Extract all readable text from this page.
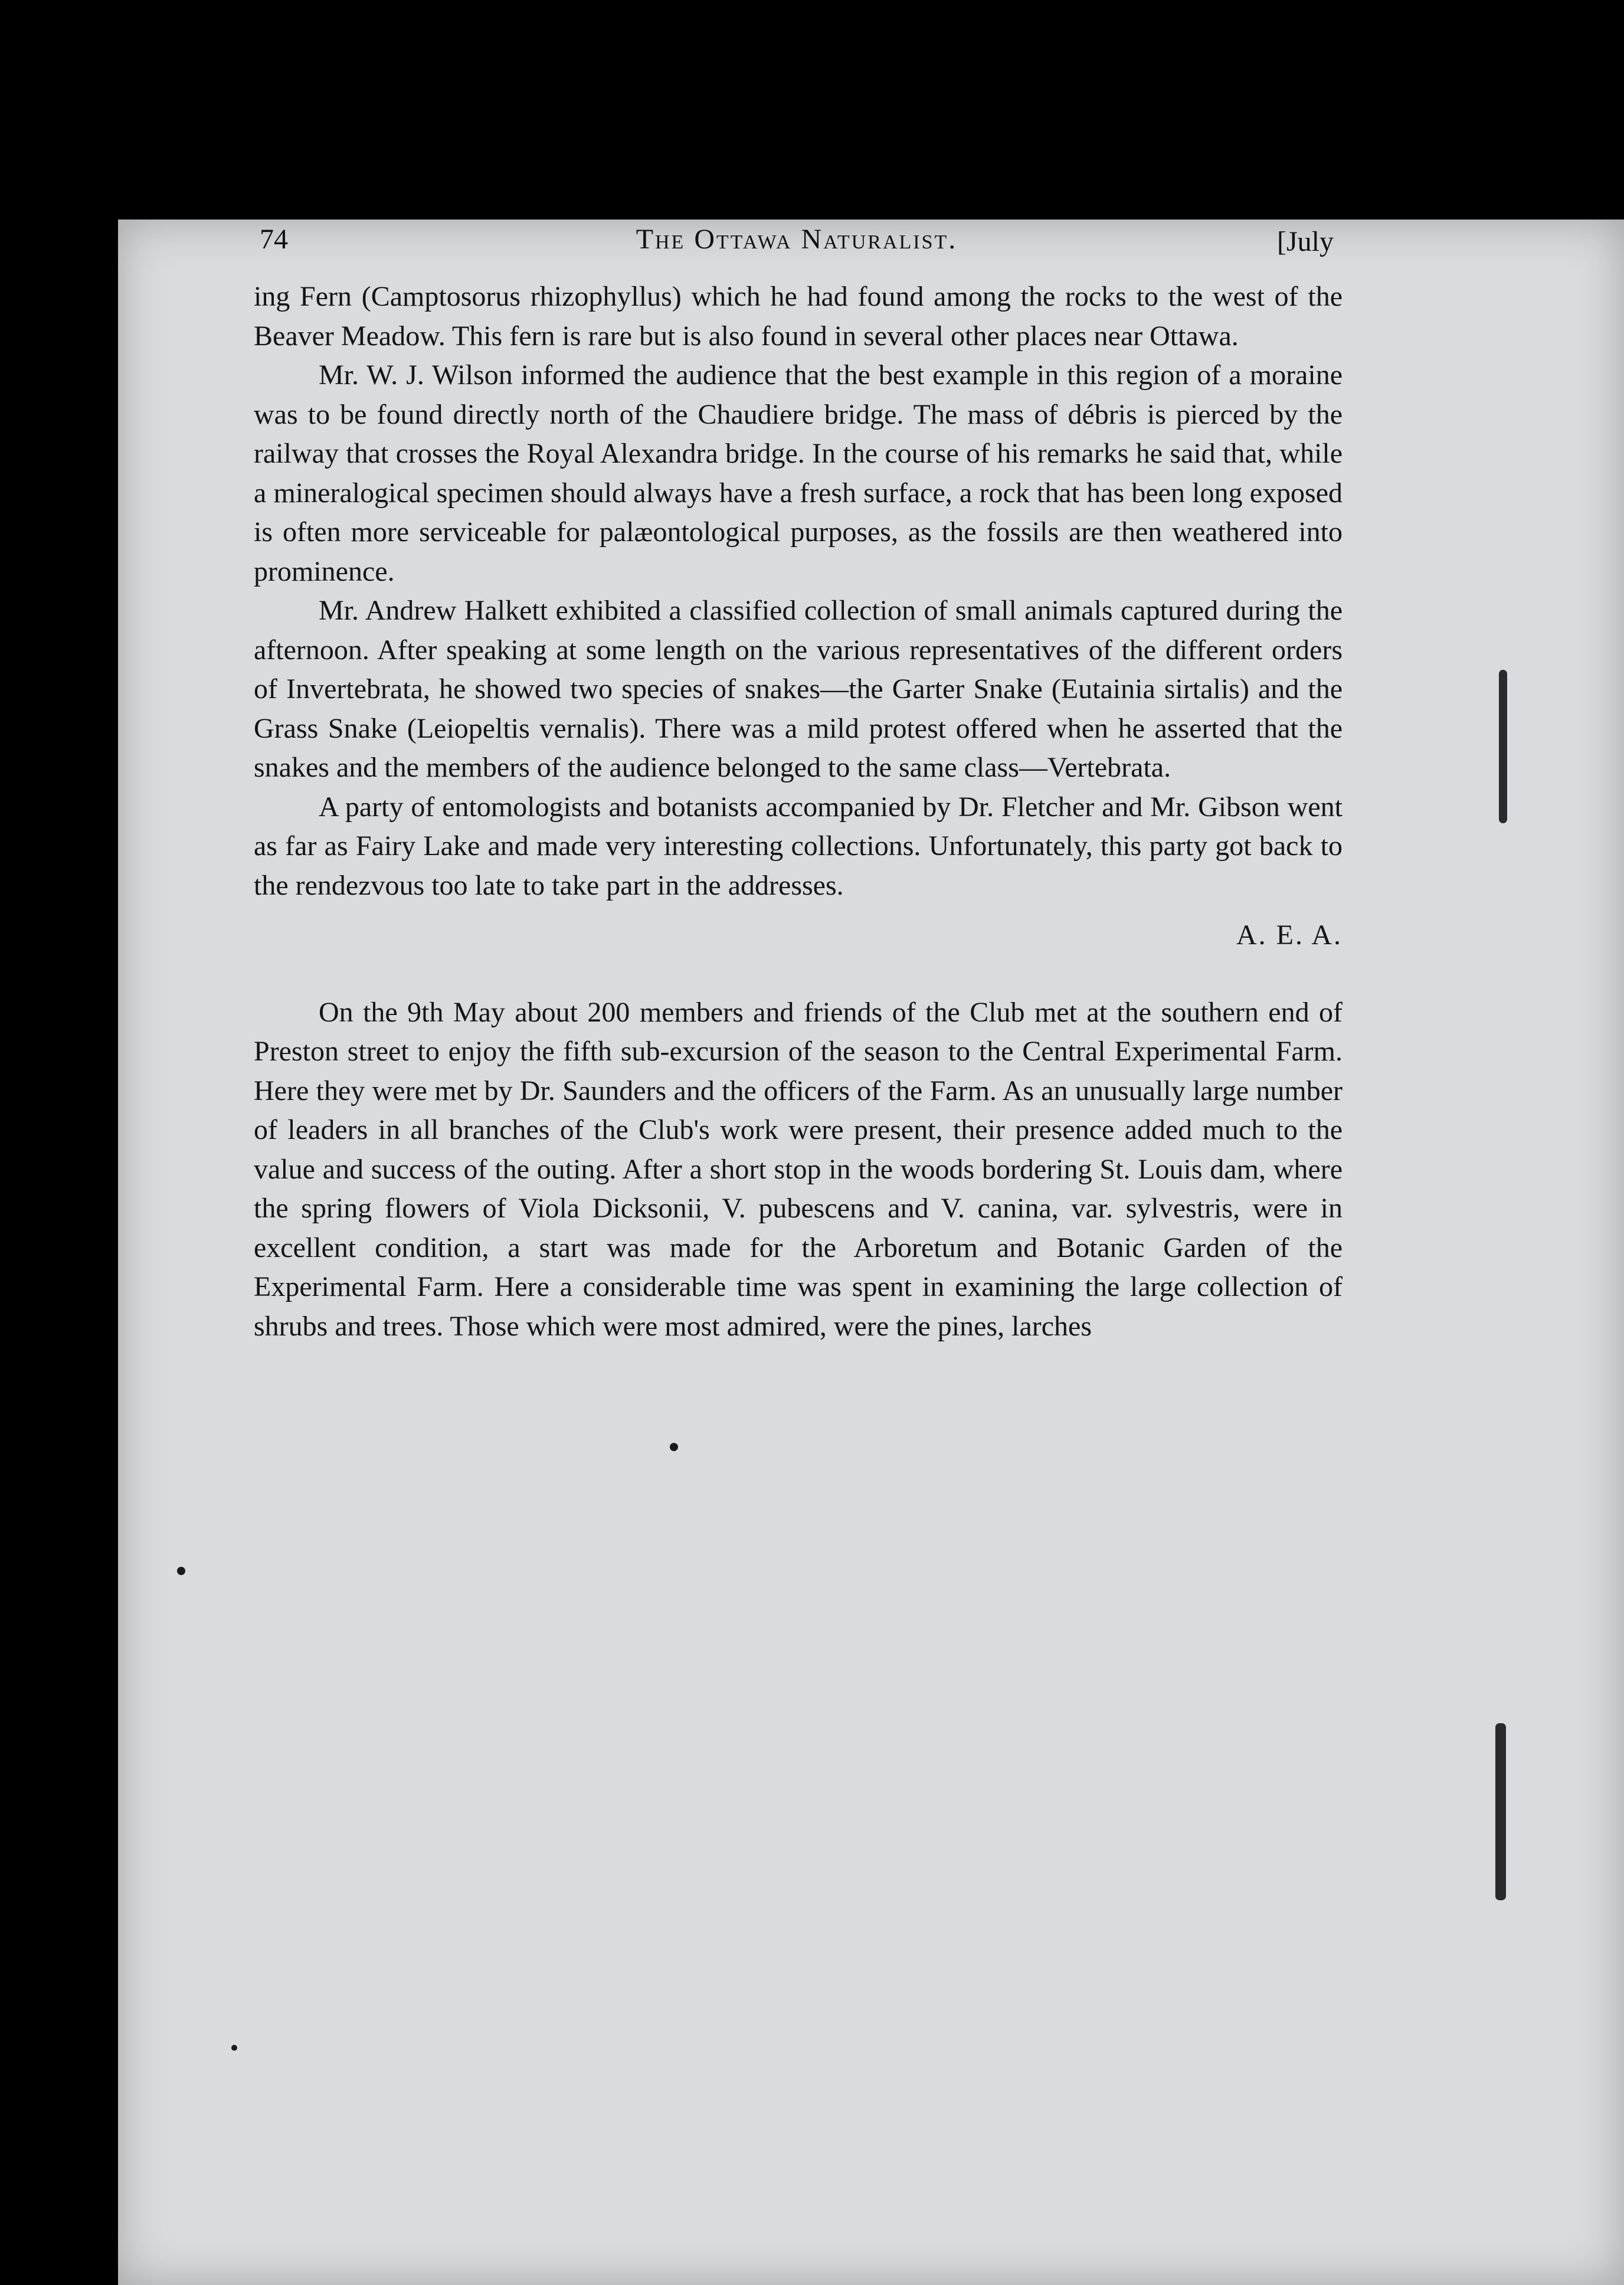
74	The Ottawa Naturalist.	[July

ing Fern (Camptosorus rhizophyllus) which he had found among the rocks to the west of the Beaver Meadow. This fern is rare but is also found in several other places near Ottawa.

Mr. W. J. Wilson informed the audience that the best example in this region of a moraine was to be found directly north of the Chaudiere bridge. The mass of débris is pierced by the railway that crosses the Royal Alexandra bridge. In the course of his remarks he said that, while a mineralogical specimen should always have a fresh surface, a rock that has been long exposed is often more serviceable for palæontological purposes, as the fossils are then weathered into prominence.

Mr. Andrew Halkett exhibited a classified collection of small animals captured during the afternoon. After speaking at some length on the various representatives of the different orders of Invertebrata, he showed two species of snakes—the Garter Snake (Eutainia sirtalis) and the Grass Snake (Leiopeltis vernalis). There was a mild protest offered when he asserted that the snakes and the members of the audience belonged to the same class—Vertebrata.

A party of entomologists and botanists accompanied by Dr. Fletcher and Mr. Gibson went as far as Fairy Lake and made very interesting collections. Unfortunately, this party got back to the rendezvous too late to take part in the addresses.

A. E. A.

On the 9th May about 200 members and friends of the Club met at the southern end of Preston street to enjoy the fifth sub-excursion of the season to the Central Experimental Farm. Here they were met by Dr. Saunders and the officers of the Farm. As an unusually large number of leaders in all branches of the Club's work were present, their presence added much to the value and success of the outing. After a short stop in the woods bordering St. Louis dam, where the spring flowers of Viola Dicksonii, V. pubescens and V. canina, var. sylvestris, were in excellent condition, a start was made for the Arboretum and Botanic Garden of the Experimental Farm. Here a considerable time was spent in examining the large collection of shrubs and trees. Those which were most admired, were the pines, larches
